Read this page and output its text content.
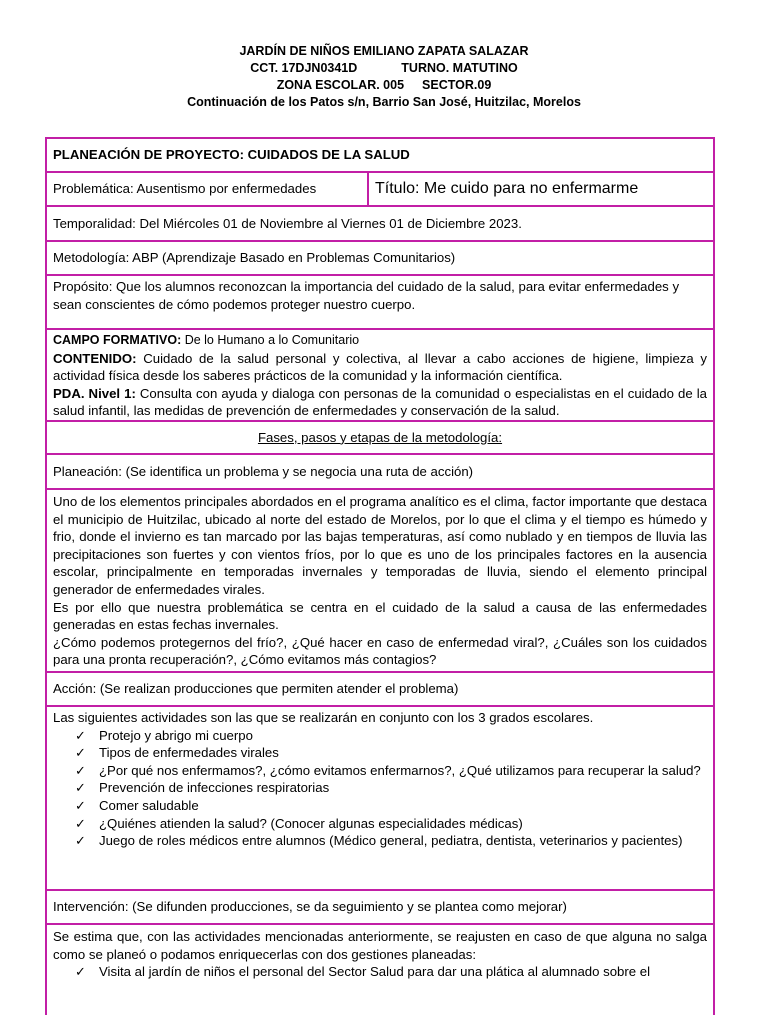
JARDÍN DE NIÑOS EMILIANO ZAPATA SALAZAR
CCT. 17DJN0341D	TURNO. MATUTINO
ZONA ESCOLAR. 005 SECTOR.09
Continuación de los Patos s/n, Barrio San José, Huitzilac, Morelos
PLANEACIÓN DE PROYECTO: CUIDADOS DE LA SALUD
Problemática: Ausentismo por enfermedades	Título: Me cuido para no enfermarme
Temporalidad: Del Miércoles 01 de Noviembre al Viernes 01 de Diciembre 2023.
Metodología: ABP (Aprendizaje Basado en Problemas Comunitarios)
Propósito: Que los alumnos reconozcan la importancia del cuidado de la salud, para evitar enfermedades y sean conscientes de cómo podemos proteger nuestro cuerpo.
CAMPO FORMATIVO: De lo Humano a lo Comunitario
CONTENIDO: Cuidado de la salud personal y colectiva, al llevar a cabo acciones de higiene, limpieza y actividad física desde los saberes prácticos de la comunidad y la información científica.
PDA. Nivel 1: Consulta con ayuda y dialoga con personas de la comunidad o especialistas en el cuidado de la salud infantil, las medidas de prevención de enfermedades y conservación de la salud.
Fases, pasos y etapas de la metodología:
Planeación: (Se identifica un problema y se negocia una ruta de acción)
Uno de los elementos principales abordados en el programa analítico es el clima, factor importante que destaca el municipio de Huitzilac, ubicado al norte del estado de Morelos, por lo que el clima y el tiempo es húmedo y frio, donde el invierno es tan marcado por las bajas temperaturas, así como nublado y en tiempos de lluvia las precipitaciones son fuertes y con vientos fríos, por lo que es uno de los principales factores en la ausencia escolar, principalmente en temporadas invernales y temporadas de lluvia, siendo el elemento principal generador de enfermedades virales.
Es por ello que nuestra problemática se centra en el cuidado de la salud a causa de las enfermedades generadas en estas fechas invernales.
¿Cómo podemos protegernos del frío?, ¿Qué hacer en caso de enfermedad viral?, ¿Cuáles son los cuidados para una pronta recuperación?, ¿Cómo evitamos más contagios?
Acción: (Se realizan producciones que permiten atender el problema)
Las siguientes actividades son las que se realizarán en conjunto con los 3 grados escolares.
✓ Protejo y abrigo mi cuerpo
✓ Tipos de enfermedades virales
✓ ¿Por qué nos enfermamos?, ¿cómo evitamos enfermarnos?, ¿Qué utilizamos para recuperar la salud?
✓ Prevención de infecciones respiratorias
✓ Comer saludable
✓ ¿Quiénes atienden la salud? (Conocer algunas especialidades médicas)
✓ Juego de roles médicos entre alumnos (Médico general, pediatra, dentista, veterinarios y pacientes)
Intervención: (Se difunden producciones, se da seguimiento y se plantea como mejorar)
Se estima que, con las actividades mencionadas anteriormente, se reajusten en caso de que alguna no salga como se planeó o podamos enriquecerlas con dos gestiones planeadas:
✓ Visita al jardín de niños el personal del Sector Salud para dar una plática al alumnado sobre el
